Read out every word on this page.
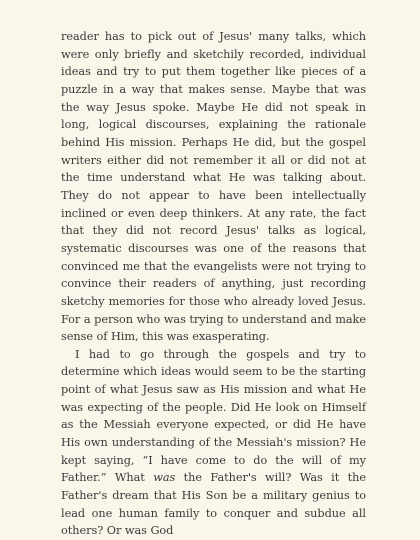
reader has to pick out of Jesus' many talks, which were only briefly and sketchily recorded, individual ideas and try to put them together like pieces of a puzzle in a way that makes sense. Maybe that was the way Jesus spoke. Maybe He did not speak in long, logical discourses, explaining the rationale behind His mission. Perhaps He did, but the gospel writers either did not remember it all or did not at the time understand what He was talking about. They do not appear to have been intellectually inclined or even deep thinkers. At any rate, the fact that they did not record Jesus' talks as logical, systematic discourses was one of the reasons that convinced me that the evangelists were not trying to convince their readers of anything, just recording sketchy memories for those who already loved Jesus. For a person who was trying to understand and make sense of Him, this was exasperating.

I had to go through the gospels and try to determine which ideas would seem to be the starting point of what Jesus saw as His mission and what He was expecting of the people. Did He look on Himself as the Messiah everyone expected, or did He have His own understanding of the Messiah's mission? He kept saying, “I have come to do the will of my Father.” What was the Father's will? Was it the Father's dream that His Son be a military genius to lead one human family to conquer and subdue all others? Or was God
